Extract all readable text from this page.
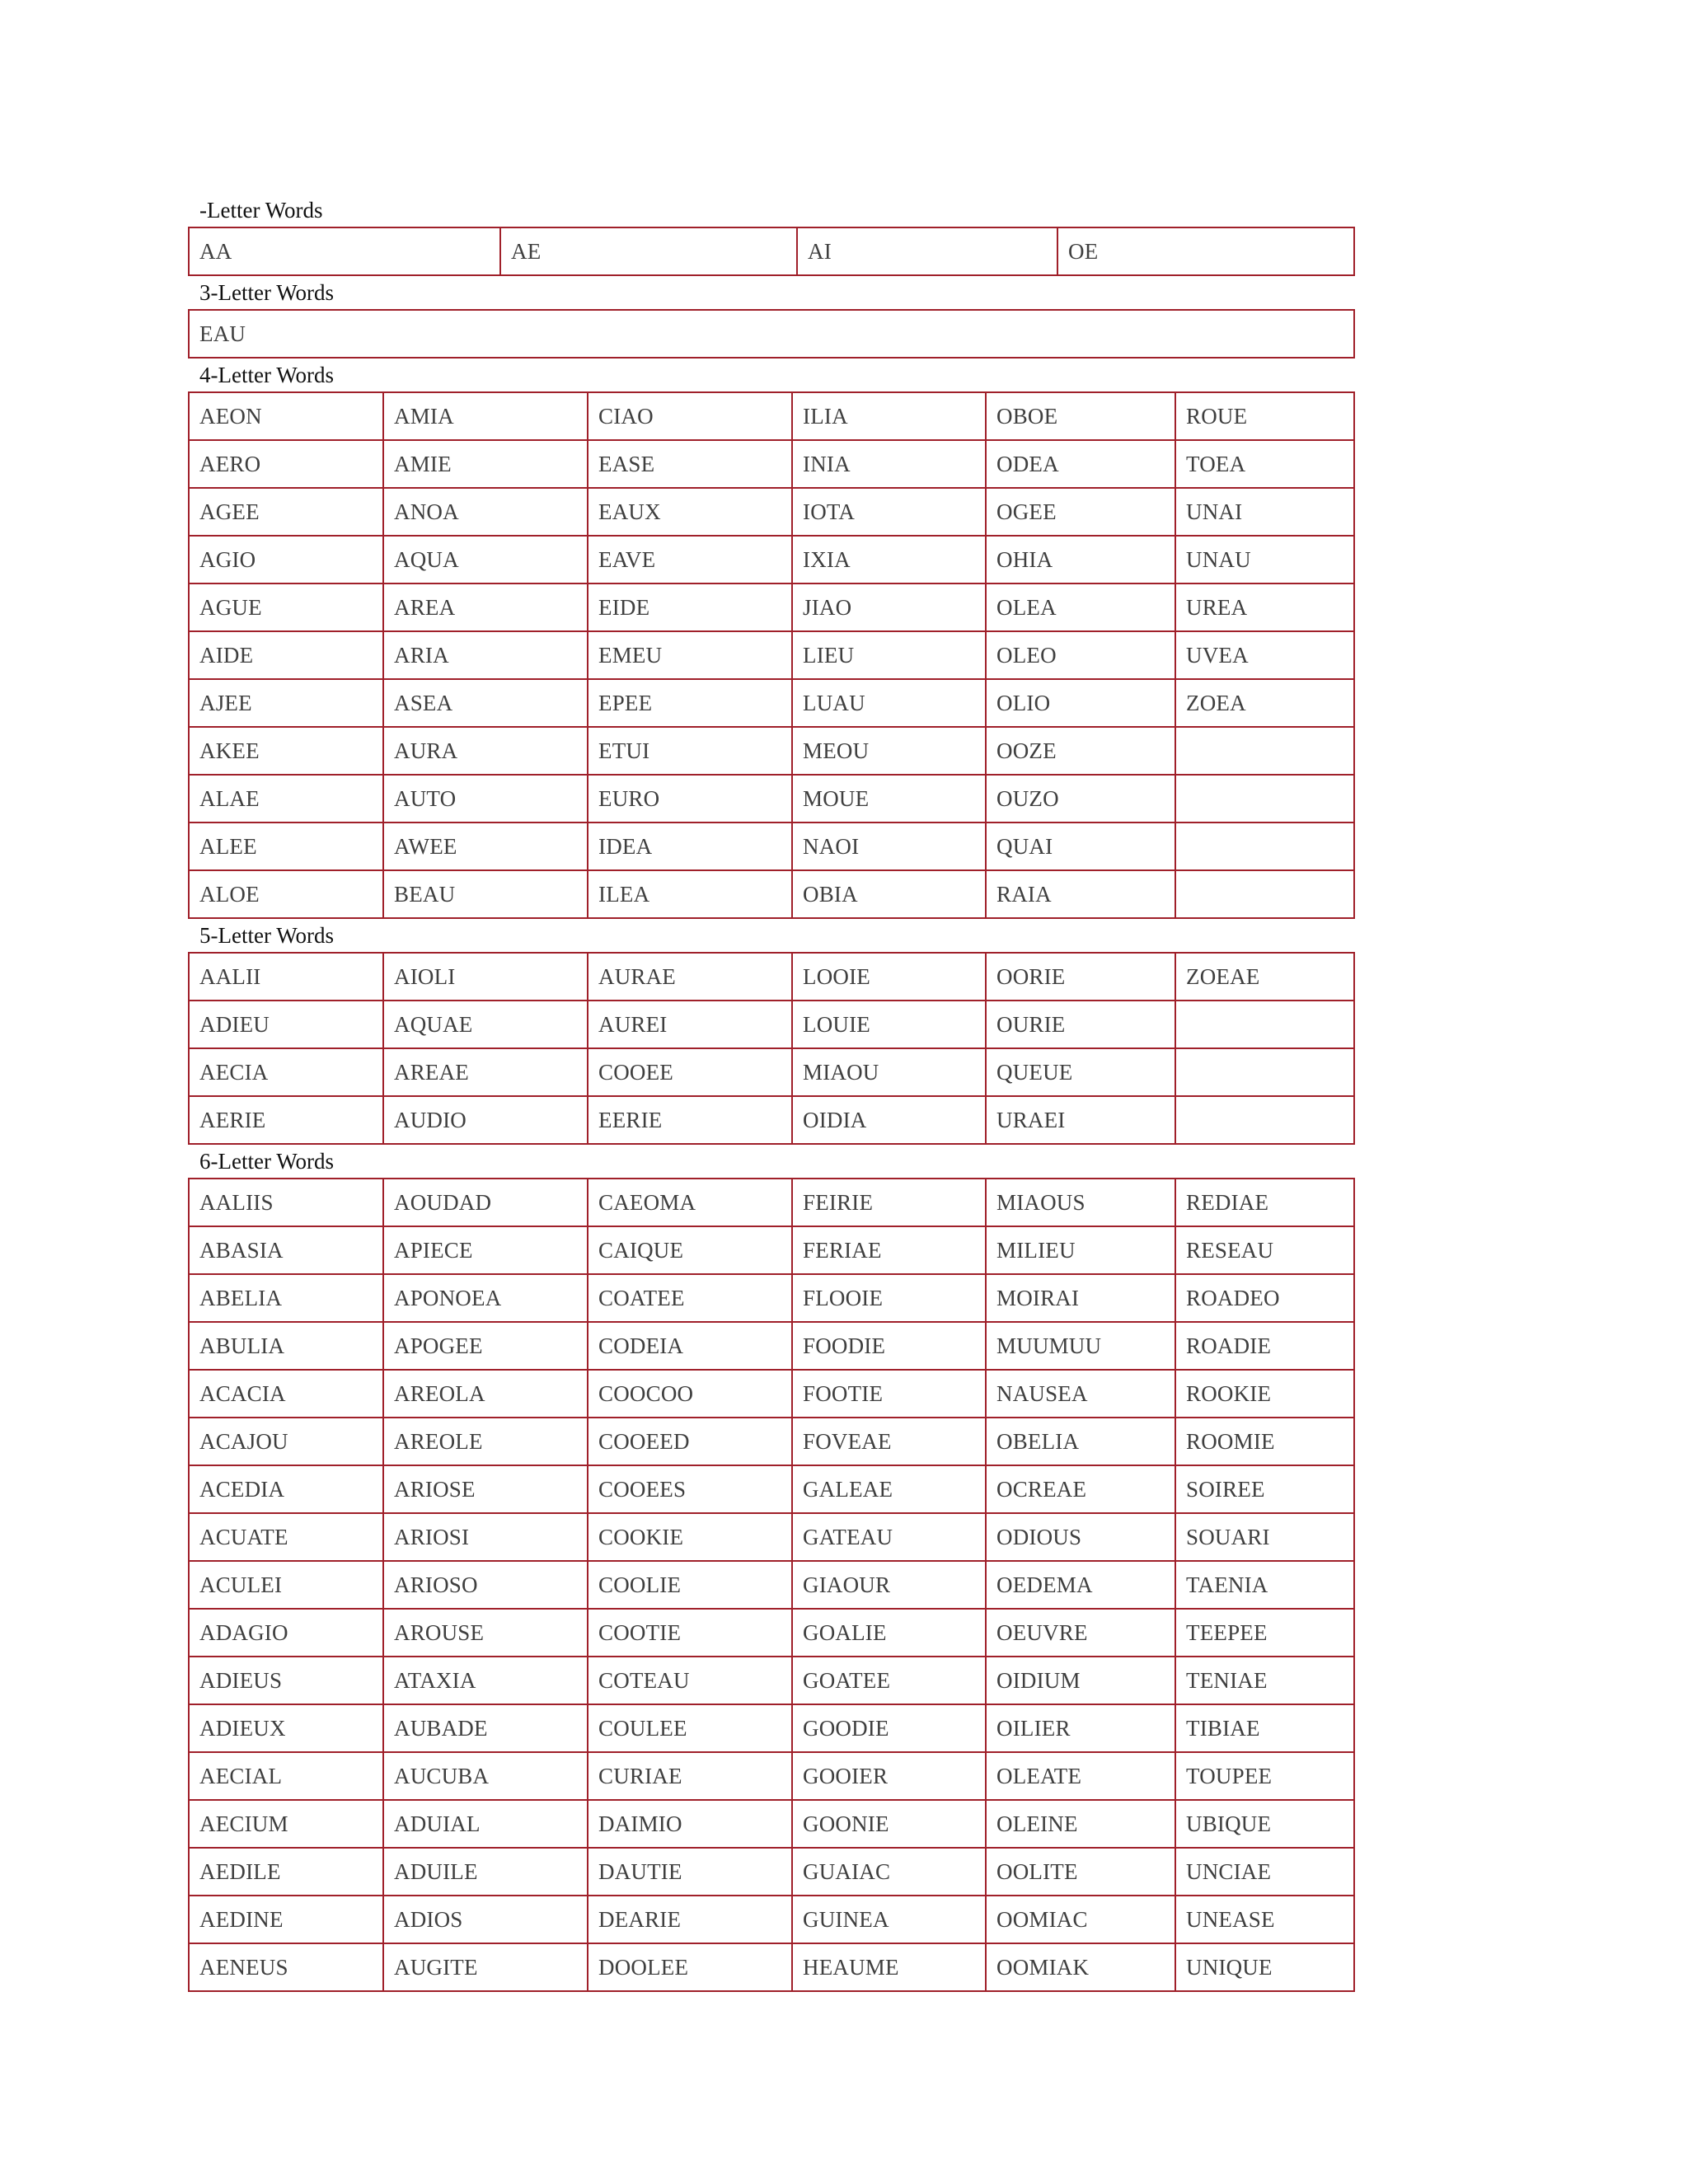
-Letter Words
AA	AE	AI	OE
3-Letter Words
EAU
4-Letter Words
AEON	AMIA	CIAO	ILIA	OBOE	ROUE
AERO	AMIE	EASE	INIA	ODEA	TOEA
AGEE	ANOA	EAUX	IOTA	OGEE	UNAI
AGIO	AQUA	EAVE	IXIA	OHIA	UNAU
AGUE	AREA	EIDE	JIAO	OLEA	UREA
AIDE	ARIA	EMEU	LIEU	OLEO	UVEA
AJEE	ASEA	EPEE	LUAU	OLIO	ZOEA
AKEE	AURA	ETUI	MEOU	OOZE	
ALAE	AUTO	EURO	MOUE	OUZO	
ALEE	AWEE	IDEA	NAOI	QUAI	
ALOE	BEAU	ILEA	OBIA	RAIA	
5-Letter Words
AALII	AIOLI	AURAE	LOOIE	OORIE	ZOEAE
ADIEU	AQUAE	AUREI	LOUIE	OURIE	
AECIA	AREAE	COOEE	MIAOU	QUEUE	
AERIE	AUDIO	EERIE	OIDIA	URAEI	
6-Letter Words
AALIIS	AOUDAD	CAEOMA	FEIRIE	MIAOUS	REDIAE
ABASIA	APIECE	CAIQUE	FERIAE	MILIEU	RESEAU
ABELIA	APONOEA	COATEE	FLOOIE	MOIRAI	ROADEO
ABULIA	APOGEE	CODEIA	FOODIE	MUUMUU	ROADIE
ACACIA	AREOLA	COOCOO	FOOTIE	NAUSEA	ROOKIE
ACAJOU	AREOLE	COOEED	FOVEAE	OBELIA	ROOMIE
ACEDIA	ARIOSE	COOEES	GALEAE	OCREAE	SOIREE
ACUATE	ARIOSI	COOKIE	GATEAU	ODIOUS	SOUARI
ACULEI	ARIOSO	COOLIE	GIAOUR	OEDEMA	TAENIA
ADAGIO	AROUSE	COOTIE	GOALIE	OEUVRE	TEEPEE
ADIEUS	ATAXIA	COTEAU	GOATEE	OIDIUM	TENIAE
ADIEUX	AUBADE	COULEE	GOODIE	OILIER	TIBIAE
AECIAL	AUCUBA	CURIAE	GOOIER	OLEATE	TOUPEE
AECIUM	ADUIAL	DAIMIO	GOONIE	OLEINE	UBIQUE
AEDILE	ADUILE	DAUTIE	GUAIAC	OOLITE	UNCIAE
AEDINE	ADIOS	DEARIE	GUINEA	OOMIAC	UNEASE
AENEUS	AUGITE	DOOLEE	HEAUME	OOMIAK	UNIQUE
